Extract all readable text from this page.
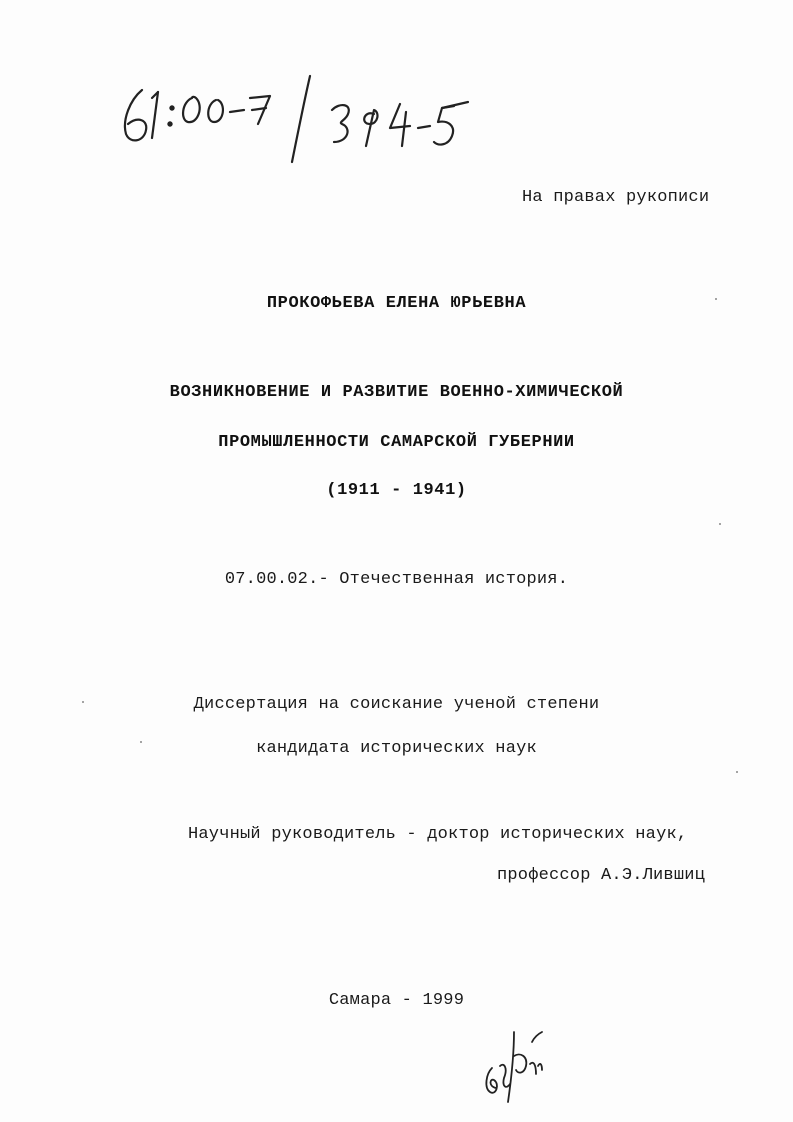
На правах рукописи
ПРОКОФЬЕВА ЕЛЕНА ЮРЬЕВНА
ВОЗНИКНОВЕНИЕ И РАЗВИТИЕ ВОЕННО-ХИМИЧЕСКОЙ
ПРОМЫШЛЕННОСТИ САМАРСКОЙ ГУБЕРНИИ
(1911 - 1941)
07.00.02.- Отечественная история.
Диссертация на соискание ученой степени
кандидата исторических наук
Научный руководитель - доктор исторических наук,
профессор А.Э.Лившиц
Самара - 1999
